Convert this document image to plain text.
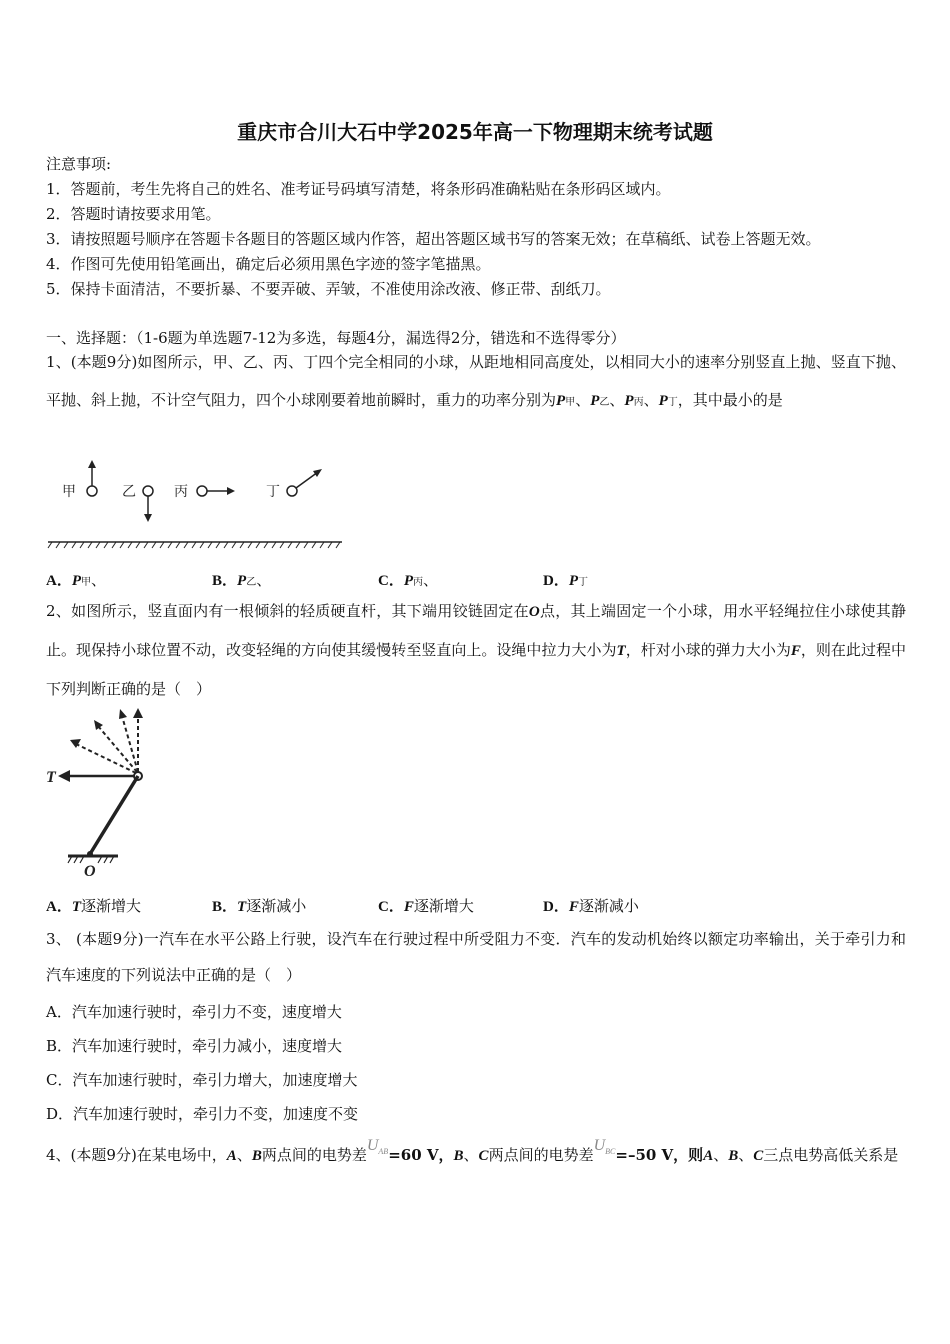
重庆市合川大石中学2025年高一下物理期末统考试题
注意事项:
1．答题前，考生先将自己的姓名、准考证号码填写清楚，将条形码准确粘贴在条形码区域内。
2．答题时请按要求用笔。
3．请按照题号顺序在答题卡各题目的答题区域内作答，超出答题区域书写的答案无效；在草稿纸、试卷上答题无效。
4．作图可先使用铅笔画出，确定后必须用黑色字迹的签字笔描黑。
5．保持卡面清洁，不要折暴、不要弄破、弄皱，不准使用涂改液、修正带、刮纸刀。
一、选择题：（1-6题为单选题7-12为多选，每题4分，漏选得2分，错选和不选得零分）
1、(本题9分)如图所示，甲、乙、丙、丁四个完全相同的小球，从距地相同高度处，以相同大小的速率分别竖直上抛、竖直下抛、平抛、斜上抛，不计空气阻力，四个小球刚要着地前瞬时，重力的功率分别为P甲、P乙、P丙、P丁，其中最小的是
甲	乙	丙	丁
A．P甲、	B．P乙、	C．P丙、	D．P丁
2、如图所示，竖直面内有一根倾斜的轻质硬直杆，其下端用铰链固定在O点，其上端固定一个小球，用水平轻绳拉住小球使其静止。现保持小球位置不动，改变轻绳的方向使其缓慢转至竖直向上。设绳中拉力大小为T，杆对小球的弹力大小为F，则在此过程中下列判断正确的是（　）
T
O
A．T逐渐增大	B．T逐渐减小	C．F逐渐增大	D．F逐渐减小
3、 (本题9分)一汽车在水平公路上行驶，设汽车在行驶过程中所受阻力不变．汽车的发动机始终以额定功率输出，关于牵引力和汽车速度的下列说法中正确的是（　）
A．汽车加速行驶时，牵引力不变，速度增大
B．汽车加速行驶时，牵引力减小，速度增大
C．汽车加速行驶时，牵引力增大，加速度增大
D．汽车加速行驶时，牵引力不变，加速度不变
4、(本题9分)在某电场中，A、B两点间的电势差$U_{AB}=60$ V，B、C两点间的电势差$U_{BC}=-50$ V，则A、B、C三点电势高低关系是
